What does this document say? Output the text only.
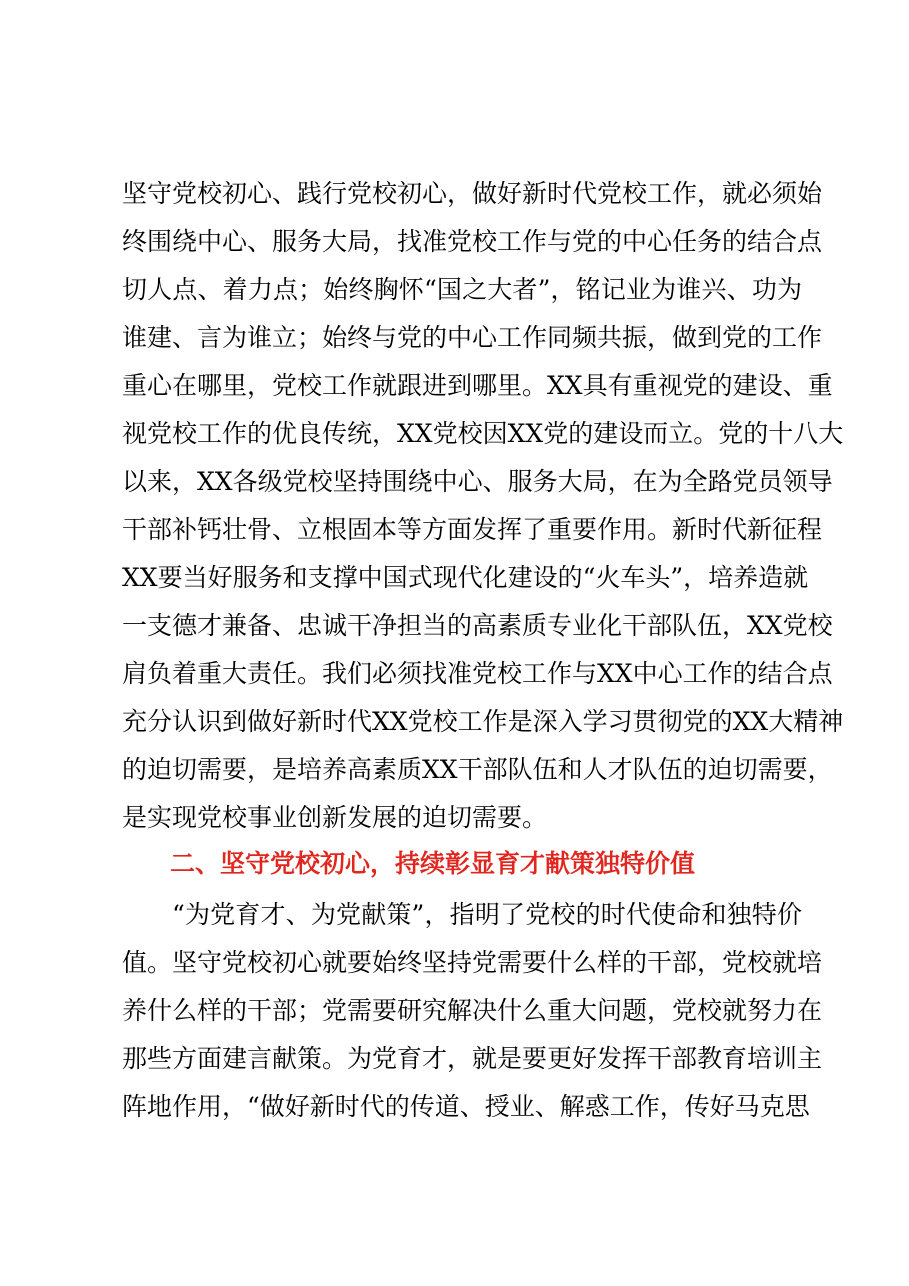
坚守党校初心、践行党校初心，做好新时代党校工作，就必须始
终围绕中心、服务大局，找准党校工作与党的中心任务的结合点
切人点、着力点；始终胸怀“国之大者”，铭记业为谁兴、功为
谁建、言为谁立；始终与党的中心工作同频共振，做到党的工作
重心在哪里，党校工作就跟进到哪里。XX具有重视党的建设、重
视党校工作的优良传统，XX党校因XX党的建设而立。党的十八大
以来，XX各级党校坚持围绕中心、服务大局，在为全路党员领导
干部补钙壮骨、立根固本等方面发挥了重要作用。新时代新征程
XX要当好服务和支撑中国式现代化建设的“火车头”，培养造就
一支德才兼备、忠诚干净担当的高素质专业化干部队伍，XX党校
肩负着重大责任。我们必须找准党校工作与XX中心工作的结合点
充分认识到做好新时代XX党校工作是深入学习贯彻党的XX大精神
的迫切需要，是培养高素质XX干部队伍和人才队伍的迫切需要，
是实现党校事业创新发展的迫切需要。
二、坚守党校初心，持续彰显育才献策独特价值
“为党育才、为党献策”，指明了党校的时代使命和独特价
值。坚守党校初心就要始终坚持党需要什么样的干部，党校就培
养什么样的干部；党需要研究解决什么重大问题，党校就努力在
那些方面建言献策。为党育才，就是要更好发挥干部教育培训主
阵地作用，“做好新时代的传道、授业、解惑工作，传好马克思
